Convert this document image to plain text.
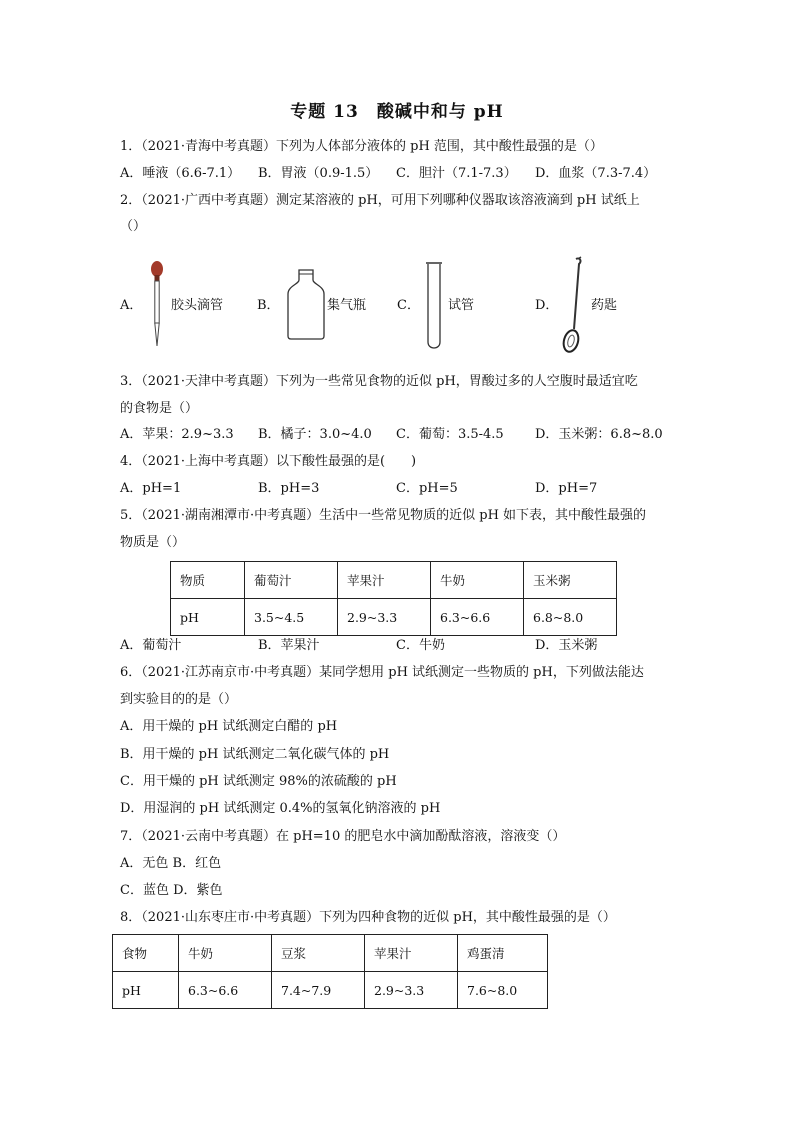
专题 13　酸碱中和与 pH
1．（2021·青海中考真题）下列为人体部分液体的 pH 范围，其中酸性最强的是（）
A．唾液（6.6-7.1） B．胃液（0.9-1.5） C．胆汁（7.1-7.3） D．血浆（7.3-7.4）
2．（2021·广西中考真题）测定某溶液的 pH，可用下列哪种仪器取该溶液滴到 pH 试纸上
（）
A． 胶头滴管	B．	集气瓶 C． 试管	D．	药匙
3．（2021·天津中考真题）下列为一些常见食物的近似 pH，胃酸过多的人空腹时最适宜吃
的食物是（）
A．苹果：2.9~3.3 B．橘子：3.0~4.0 C．葡萄：3.5-4.5 D．玉米粥：6.8~8.0
4．（2021·上海中考真题）以下酸性最强的是(　　)
A．pH=1	B．pH=3	C．pH=5	D．pH=7
5．（2021·湖南湘潭市·中考真题）生活中一些常见物质的近似 pH 如下表，其中酸性最强的
物质是（）
物质	葡萄汁	苹果汁	牛奶	玉米粥
pH	3.5~4.5	2.9~3.3	6.3~6.6	6.8~8.0
A．葡萄汁	B．苹果汁	C．牛奶	D．玉米粥
6．（2021·江苏南京市·中考真题）某同学想用 pH 试纸测定一些物质的 pH，下列做法能达
到实验目的的是（）
A．用干燥的 pH 试纸测定白醋的 pH
B．用干燥的 pH 试纸测定二氧化碳气体的 pH
C．用干燥的 pH 试纸测定 98%的浓硫酸的 pH
D．用湿润的 pH 试纸测定 0.4%的氢氧化钠溶液的 pH
7．（2021·云南中考真题）在 pH=10 的肥皂水中滴加酚酞溶液，溶液变（）
A．无色 B．红色
C．蓝色 D．紫色
8．（2021·山东枣庄市·中考真题）下列为四种食物的近似 pH，其中酸性最强的是（）
食物	牛奶	豆浆	苹果汁	鸡蛋清
pH	6.3~6.6	7.4~7.9	2.9~3.3	7.6~8.0
